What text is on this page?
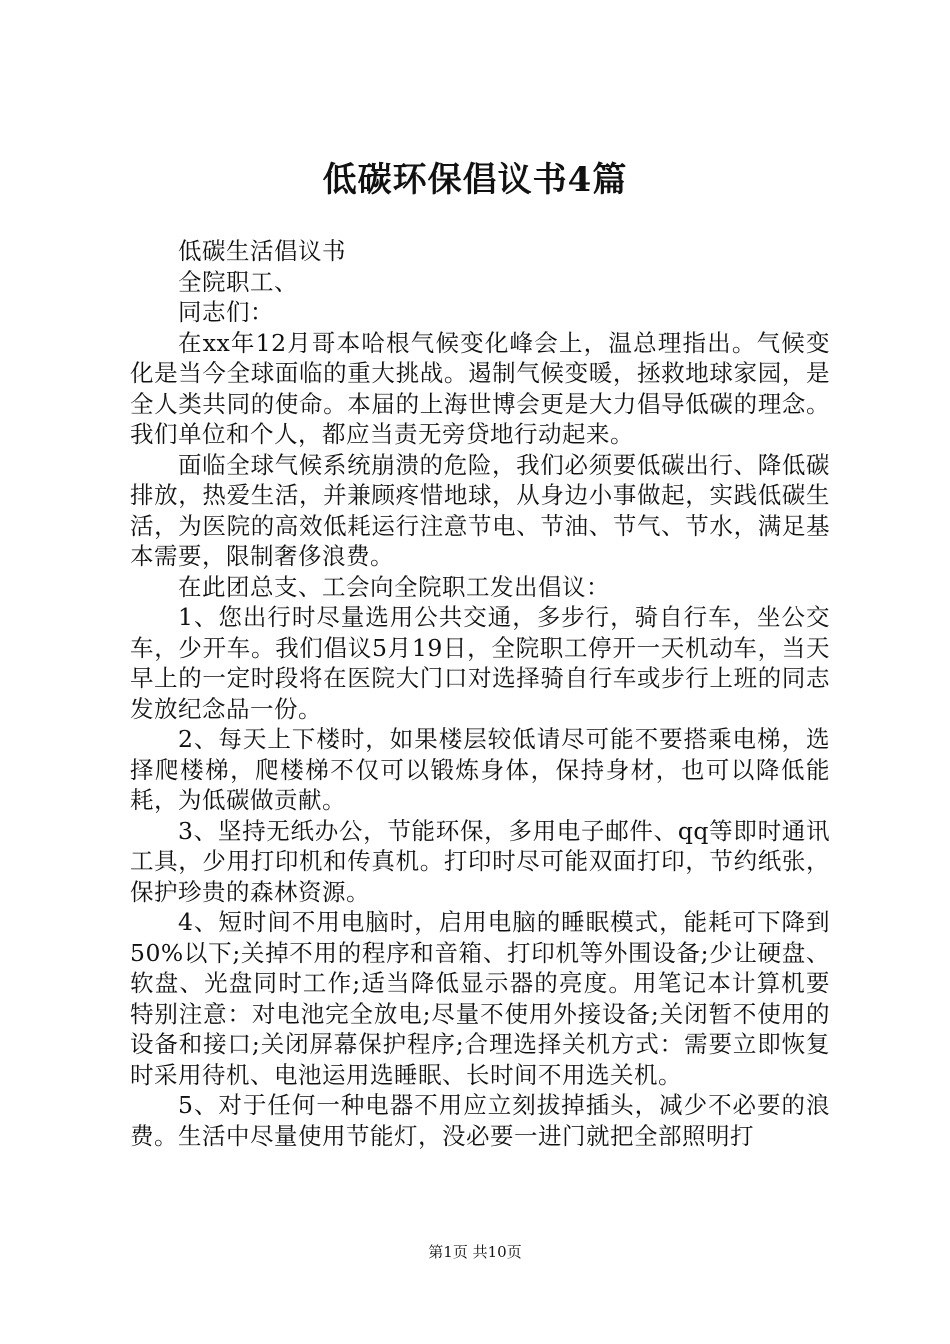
低碳环保倡议书4篇

低碳生活倡议书

全院职工、

同志们：

在xx年12月哥本哈根气候变化峰会上，温总理指出。气候变化是当今全球面临的重大挑战。遏制气候变暖，拯救地球家园，是全人类共同的使命。本届的上海世博会更是大力倡导低碳的理念。我们单位和个人，都应当责无旁贷地行动起来。

面临全球气候系统崩溃的危险，我们必须要低碳出行、降低碳排放，热爱生活，并兼顾疼惜地球，从身边小事做起，实践低碳生活，为医院的高效低耗运行注意节电、节油、节气、节水，满足基本需要，限制奢侈浪费。

在此团总支、工会向全院职工发出倡议：

1、您出行时尽量选用公共交通，多步行，骑自行车，坐公交车，少开车。我们倡议5月19日，全院职工停开一天机动车，当天早上的一定时段将在医院大门口对选择骑自行车或步行上班的同志发放纪念品一份。

2、每天上下楼时，如果楼层较低请尽可能不要搭乘电梯，选择爬楼梯，爬楼梯不仅可以锻炼身体，保持身材，也可以降低能耗，为低碳做贡献。

3、坚持无纸办公，节能环保，多用电子邮件、qq等即时通讯工具，少用打印机和传真机。打印时尽可能双面打印，节约纸张，保护珍贵的森林资源。

4、短时间不用电脑时，启用电脑的睡眠模式，能耗可下降到50%以下;关掉不用的程序和音箱、打印机等外围设备;少让硬盘、软盘、光盘同时工作;适当降低显示器的亮度。用笔记本计算机要特别注意：对电池完全放电;尽量不使用外接设备;关闭暂不使用的设备和接口;关闭屏幕保护程序;合理选择关机方式：需要立即恢复时采用待机、电池运用选睡眠、长时间不用选关机。

5、对于任何一种电器不用应立刻拔掉插头，减少不必要的浪费。生活中尽量使用节能灯，没必要一进门就把全部照明打

第1页 共10页
